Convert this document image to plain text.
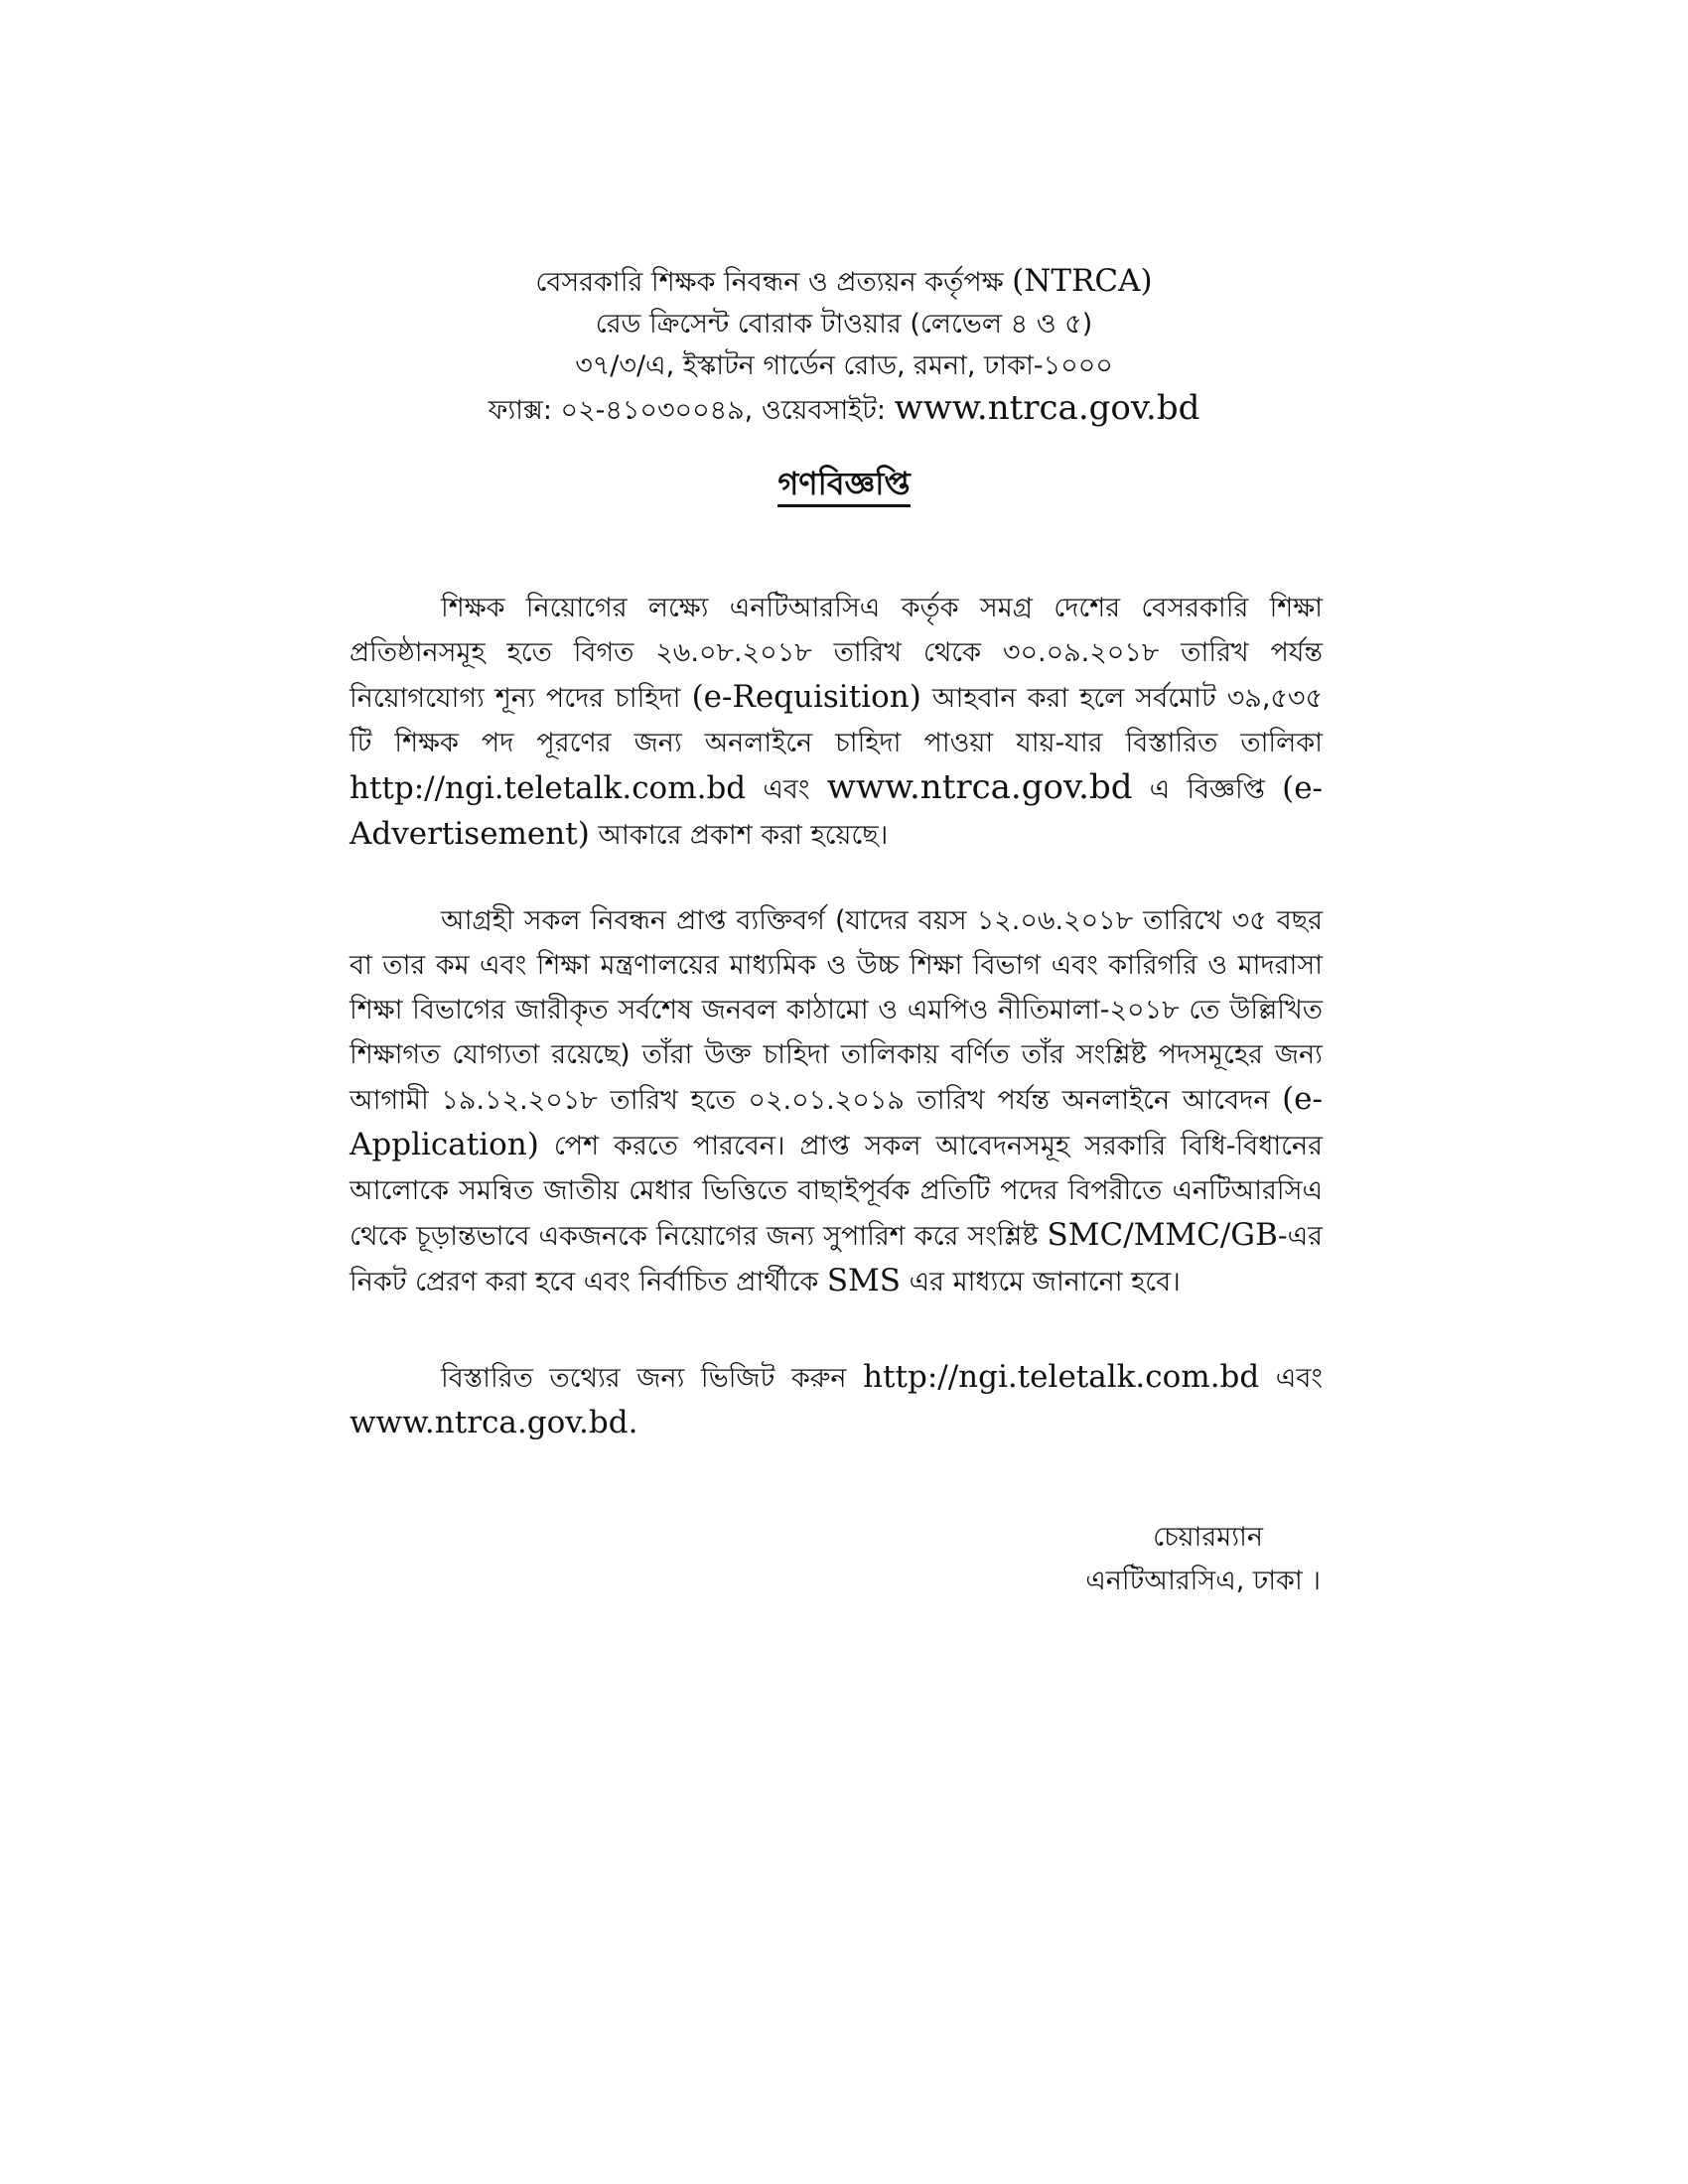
বেসরকারি শিক্ষক নিবন্ধন ও প্রত্যয়ন কর্তৃপক্ষ (NTRCA)
রেড ক্রিসেন্ট বোরাক টাওয়ার (লেভেল ৪ ও ৫)
৩৭/৩/এ, ইস্কাটন গার্ডেন রোড, রমনা, ঢাকা-১০০০
ফ্যাক্স: ০২-৪১০৩০০৪৯, ওয়েবসাইট: www.ntrca.gov.bd
গণবিজ্ঞপ্তি

শিক্ষক নিয়োগের লক্ষ্যে এনটিআরসিএ কর্তৃক সমগ্র দেশের বেসরকারি শিক্ষা প্রতিষ্ঠানসমূহ হতে বিগত ২৬.০৮.২০১৮ তারিখ থেকে ৩০.০৯.২০১৮ তারিখ পর্যন্ত নিয়োগযোগ্য শূন্য পদের চাহিদা (e-Requisition) আহবান করা হলে সর্বমোট ৩৯,৫৩৫ টি শিক্ষক পদ পূরণের জন্য অনলাইনে চাহিদা পাওয়া যায়-যার বিস্তারিত তালিকা http://ngi.teletalk.com.bd এবং www.ntrca.gov.bd এ বিজ্ঞপ্তি (e-Advertisement) আকারে প্রকাশ করা হয়েছে।

আগ্রহী সকল নিবন্ধন প্রাপ্ত ব্যক্তিবর্গ (যাদের বয়স ১২.০৬.২০১৮ তারিখে ৩৫ বছর বা তার কম এবং শিক্ষা মন্ত্রণালয়ের মাধ্যমিক ও উচ্চ শিক্ষা বিভাগ এবং কারিগরি ও মাদরাসা শিক্ষা বিভাগের জারীকৃত সর্বশেষ জনবল কাঠামো ও এমপিও নীতিমালা-২০১৮ তে উল্লিখিত শিক্ষাগত যোগ্যতা রয়েছে) তাঁরা উক্ত চাহিদা তালিকায় বর্ণিত তাঁর সংশ্লিষ্ট পদসমূহের জন্য আগামী ১৯.১২.২০১৮ তারিখ হতে ০২.০১.২০১৯ তারিখ পর্যন্ত অনলাইনে আবেদন (e-Application) পেশ করতে পারবেন। প্রাপ্ত সকল আবেদনসমূহ সরকারি বিধি-বিধানের আলোকে সমন্বিত জাতীয় মেধার ভিত্তিতে বাছাইপূর্বক প্রতিটি পদের বিপরীতে এনটিআরসিএ থেকে চূড়ান্তভাবে একজনকে নিয়োগের জন্য সুপারিশ করে সংশ্লিষ্ট SMC/MMC/GB-এর নিকট প্রেরণ করা হবে এবং নির্বাচিত প্রার্থীকে SMS এর মাধ্যমে জানানো হবে।

বিস্তারিত তথ্যের জন্য ভিজিট করুন http://ngi.teletalk.com.bd এবং www.ntrca.gov.bd.

চেয়ারম্যান
এনটিআরসিএ, ঢাকা ।
